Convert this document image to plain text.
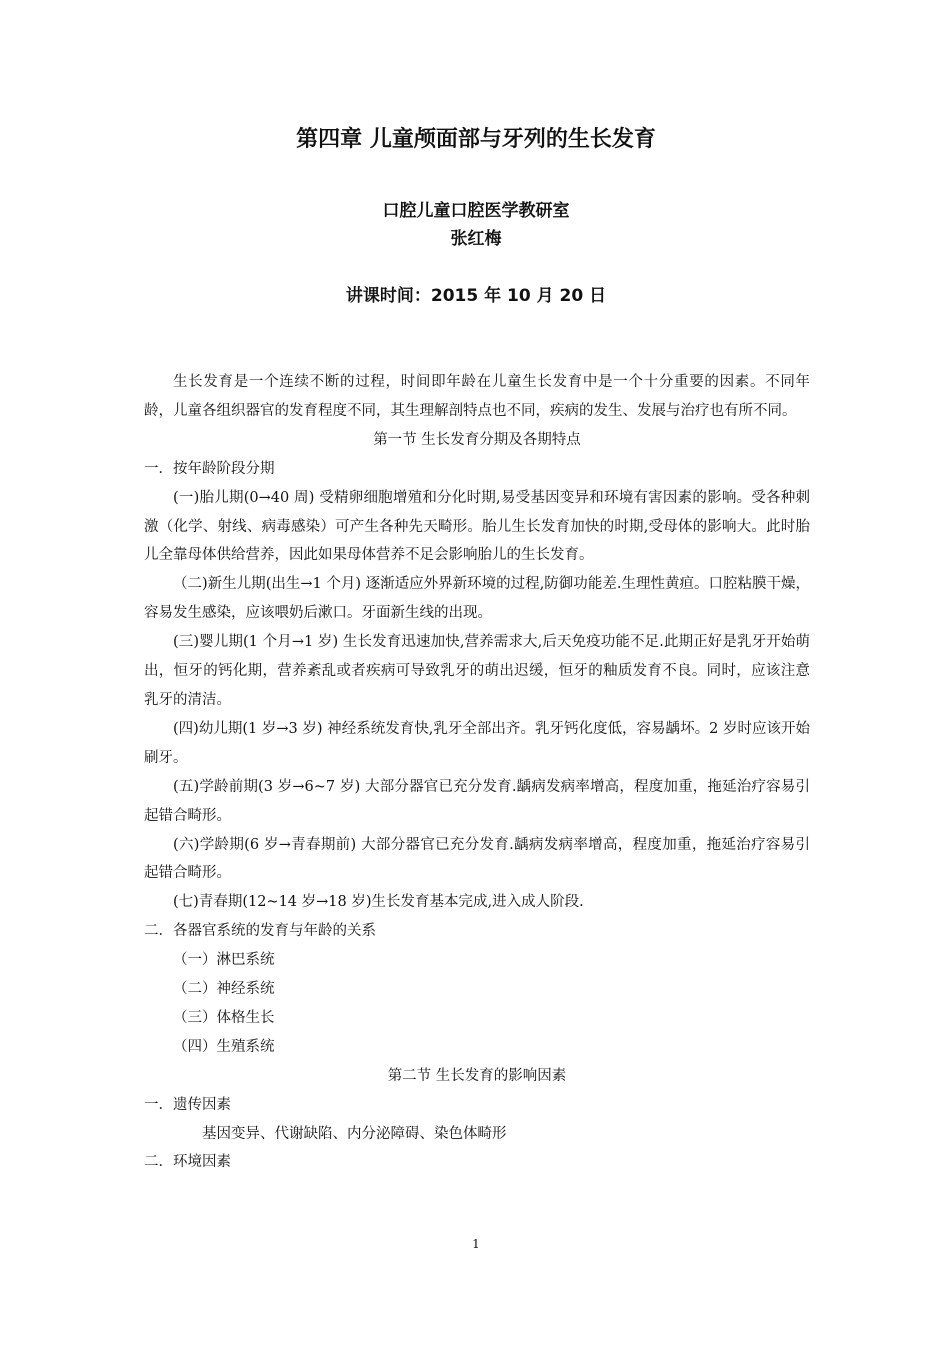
第四章 儿童颅面部与牙列的生长发育

口腔儿童口腔医学教研室

张红梅

讲课时间：2015 年 10 月 20 日

生长发育是一个连续不断的过程，时间即年龄在儿童生长发育中是一个十分重要的因素。不同年龄，儿童各组织器官的发育程度不同，其生理解剖特点也不同，疾病的发生、发展与治疗也有所不同。

第一节 生长发育分期及各期特点

一．按年龄阶段分期

(一)胎儿期(0→40 周) 受精卵细胞增殖和分化时期,易受基因变异和环境有害因素的影响。受各种刺激（化学、射线、病毒感染）可产生各种先天畸形。胎儿生长发育加快的时期,受母体的影响大。此时胎儿全靠母体供给营养，因此如果母体营养不足会影响胎儿的生长发育。

（二)新生儿期(出生→1 个月) 逐渐适应外界新环境的过程,防御功能差.生理性黄疸。口腔粘膜干燥，容易发生感染，应该喂奶后漱口。牙面新生线的出现。

(三)婴儿期(1 个月→1 岁) 生长发育迅速加快,营养需求大,后天免疫功能不足.此期正好是乳牙开始萌出，恒牙的钙化期，营养紊乱或者疾病可导致乳牙的萌出迟缓，恒牙的釉质发育不良。同时，应该注意乳牙的清洁。

(四)幼儿期(1 岁→3 岁) 神经系统发育快,乳牙全部出齐。乳牙钙化度低，容易龋坏。2 岁时应该开始刷牙。

(五)学龄前期(3 岁→6~7 岁) 大部分器官已充分发育.龋病发病率增高，程度加重，拖延治疗容易引起错合畸形。

(六)学龄期(6 岁→青春期前) 大部分器官已充分发育.龋病发病率增高，程度加重，拖延治疗容易引起错合畸形。

(七)青春期(12~14 岁→18 岁)生长发育基本完成,进入成人阶段.

二．各器官系统的发育与年龄的关系

（一）淋巴系统

（二）神经系统

（三）体格生长

（四）生殖系统

第二节 生长发育的影响因素

一．遗传因素

基因变异、代谢缺陷、内分泌障碍、染色体畸形

二．环境因素

1
